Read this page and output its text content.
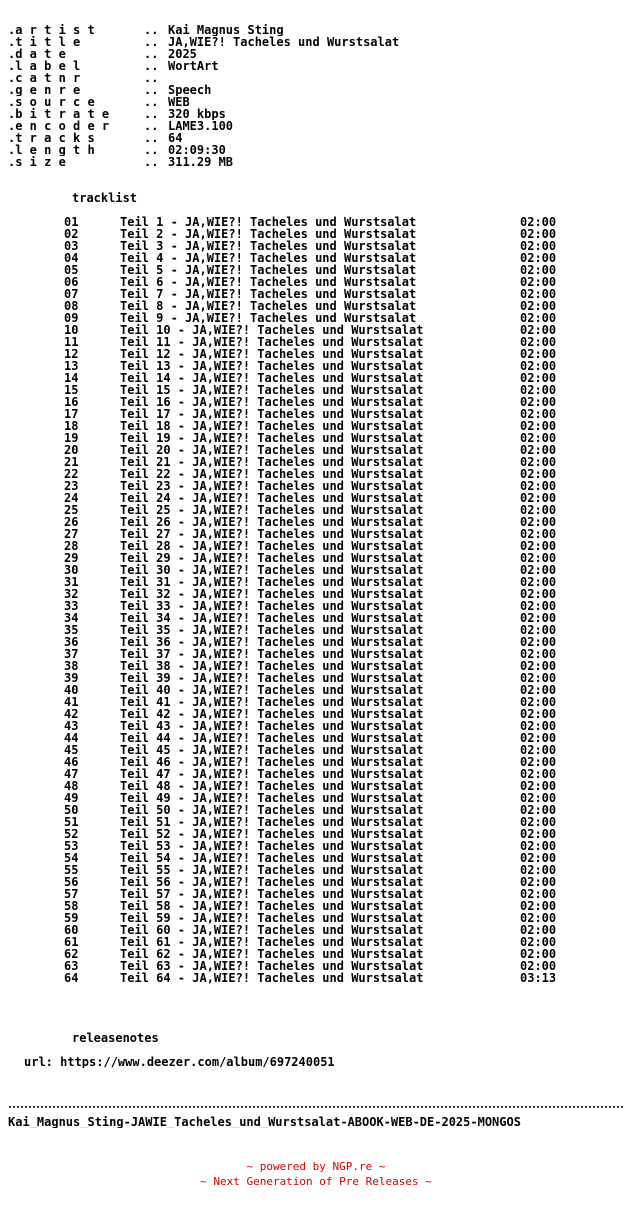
.a r t i s t	.. Kai Magnus Sting
.t i t l e	.. JA,WIE?! Tacheles und Wurstsalat
.d a t e	.. 2025
.l a b e l	.. WortArt
.c a t n r	..
.g e n r e	.. Speech
.s o u r c e	.. WEB
.b i t r a t e	.. 320 kbps
.e n c o d e r	.. LAME3.100
.t r a c k s	.. 64
.l e n g t h	.. 02:09:30
.s i z e	.. 311.29 MB
tracklist
01	Teil 1 - JA,WIE?! Tacheles und Wurstsalat	02:00
02	Teil 2 - JA,WIE?! Tacheles und Wurstsalat	02:00
03	Teil 3 - JA,WIE?! Tacheles und Wurstsalat	02:00
04	Teil 4 - JA,WIE?! Tacheles und Wurstsalat	02:00
05	Teil 5 - JA,WIE?! Tacheles und Wurstsalat	02:00
06	Teil 6 - JA,WIE?! Tacheles und Wurstsalat	02:00
07	Teil 7 - JA,WIE?! Tacheles und Wurstsalat	02:00
08	Teil 8 - JA,WIE?! Tacheles und Wurstsalat	02:00
09	Teil 9 - JA,WIE?! Tacheles und Wurstsalat	02:00
10	Teil 10 - JA,WIE?! Tacheles und Wurstsalat	02:00
11	Teil 11 - JA,WIE?! Tacheles und Wurstsalat	02:00
12	Teil 12 - JA,WIE?! Tacheles und Wurstsalat	02:00
13	Teil 13 - JA,WIE?! Tacheles und Wurstsalat	02:00
14	Teil 14 - JA,WIE?! Tacheles und Wurstsalat	02:00
15	Teil 15 - JA,WIE?! Tacheles und Wurstsalat	02:00
16	Teil 16 - JA,WIE?! Tacheles und Wurstsalat	02:00
17	Teil 17 - JA,WIE?! Tacheles und Wurstsalat	02:00
18	Teil 18 - JA,WIE?! Tacheles und Wurstsalat	02:00
19	Teil 19 - JA,WIE?! Tacheles und Wurstsalat	02:00
20	Teil 20 - JA,WIE?! Tacheles und Wurstsalat	02:00
21	Teil 21 - JA,WIE?! Tacheles und Wurstsalat	02:00
22	Teil 22 - JA,WIE?! Tacheles und Wurstsalat	02:00
23	Teil 23 - JA,WIE?! Tacheles und Wurstsalat	02:00
24	Teil 24 - JA,WIE?! Tacheles und Wurstsalat	02:00
25	Teil 25 - JA,WIE?! Tacheles und Wurstsalat	02:00
26	Teil 26 - JA,WIE?! Tacheles und Wurstsalat	02:00
27	Teil 27 - JA,WIE?! Tacheles und Wurstsalat	02:00
28	Teil 28 - JA,WIE?! Tacheles und Wurstsalat	02:00
29	Teil 29 - JA,WIE?! Tacheles und Wurstsalat	02:00
30	Teil 30 - JA,WIE?! Tacheles und Wurstsalat	02:00
31	Teil 31 - JA,WIE?! Tacheles und Wurstsalat	02:00
32	Teil 32 - JA,WIE?! Tacheles und Wurstsalat	02:00
33	Teil 33 - JA,WIE?! Tacheles und Wurstsalat	02:00
34	Teil 34 - JA,WIE?! Tacheles und Wurstsalat	02:00
35	Teil 35 - JA,WIE?! Tacheles und Wurstsalat	02:00
36	Teil 36 - JA,WIE?! Tacheles und Wurstsalat	02:00
37	Teil 37 - JA,WIE?! Tacheles und Wurstsalat	02:00
38	Teil 38 - JA,WIE?! Tacheles und Wurstsalat	02:00
39	Teil 39 - JA,WIE?! Tacheles und Wurstsalat	02:00
40	Teil 40 - JA,WIE?! Tacheles und Wurstsalat	02:00
41	Teil 41 - JA,WIE?! Tacheles und Wurstsalat	02:00
42	Teil 42 - JA,WIE?! Tacheles und Wurstsalat	02:00
43	Teil 43 - JA,WIE?! Tacheles und Wurstsalat	02:00
44	Teil 44 - JA,WIE?! Tacheles und Wurstsalat	02:00
45	Teil 45 - JA,WIE?! Tacheles und Wurstsalat	02:00
46	Teil 46 - JA,WIE?! Tacheles und Wurstsalat	02:00
47	Teil 47 - JA,WIE?! Tacheles und Wurstsalat	02:00
48	Teil 48 - JA,WIE?! Tacheles und Wurstsalat	02:00
49	Teil 49 - JA,WIE?! Tacheles und Wurstsalat	02:00
50	Teil 50 - JA,WIE?! Tacheles und Wurstsalat	02:00
51	Teil 51 - JA,WIE?! Tacheles und Wurstsalat	02:00
52	Teil 52 - JA,WIE?! Tacheles und Wurstsalat	02:00
53	Teil 53 - JA,WIE?! Tacheles und Wurstsalat	02:00
54	Teil 54 - JA,WIE?! Tacheles und Wurstsalat	02:00
55	Teil 55 - JA,WIE?! Tacheles und Wurstsalat	02:00
56	Teil 56 - JA,WIE?! Tacheles und Wurstsalat	02:00
57	Teil 57 - JA,WIE?! Tacheles und Wurstsalat	02:00
58	Teil 58 - JA,WIE?! Tacheles und Wurstsalat	02:00
59	Teil 59 - JA,WIE?! Tacheles und Wurstsalat	02:00
60	Teil 60 - JA,WIE?! Tacheles und Wurstsalat	02:00
61	Teil 61 - JA,WIE?! Tacheles und Wurstsalat	02:00
62	Teil 62 - JA,WIE?! Tacheles und Wurstsalat	02:00
63	Teil 63 - JA,WIE?! Tacheles und Wurstsalat	02:00
64	Teil 64 - JA,WIE?! Tacheles und Wurstsalat	03:13
releasenotes
url: https://www.deezer.com/album/697240051
Kai_Magnus_Sting-JAWIE_Tacheles_und_Wurstsalat-ABOOK-WEB-DE-2025-MONGOS
~ powered by NGP.re ~
~ Next Generation of Pre Releases ~
